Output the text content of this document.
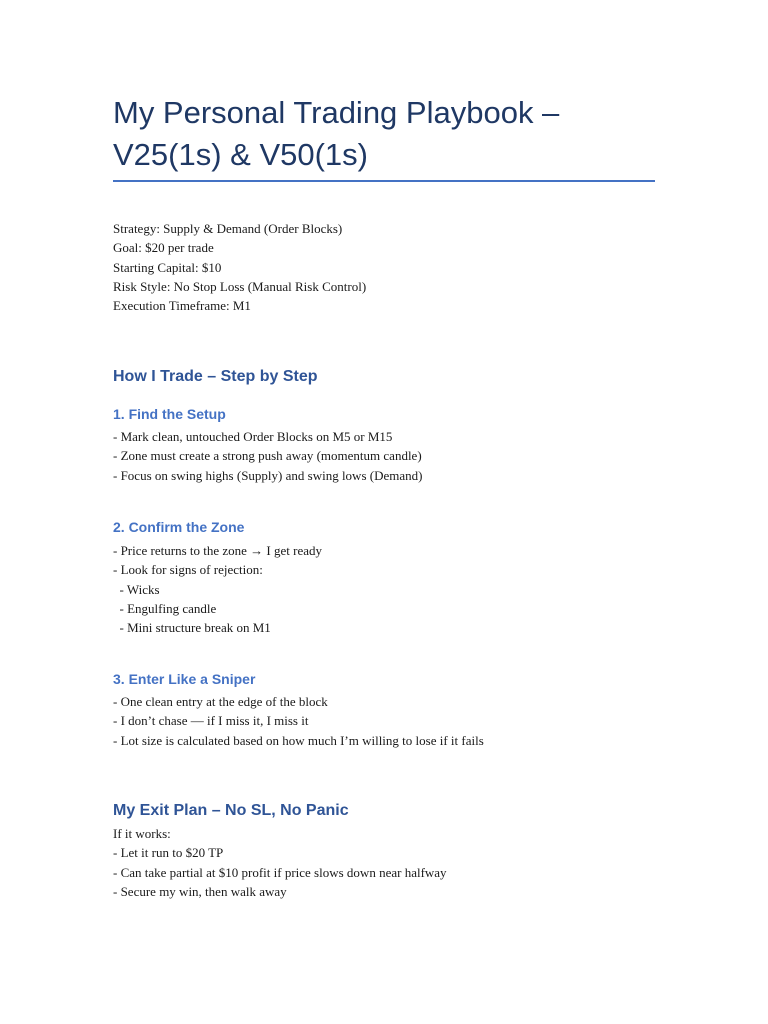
My Personal Trading Playbook – V25(1s) & V50(1s)

Strategy: Supply & Demand (Order Blocks)

Goal: $20 per trade

Starting Capital: $10

Risk Style: No Stop Loss (Manual Risk Control)

Execution Timeframe: M1

How I Trade – Step by Step
1. Find the Setup

- Mark clean, untouched Order Blocks on M5 or M15

- Zone must create a strong push away (momentum candle)

- Focus on swing highs (Supply) and swing lows (Demand)

2. Confirm the Zone

- Price returns to the zone → I get ready

- Look for signs of rejection:

- Wicks

- Engulfing candle

- Mini structure break on M1

3. Enter Like a Sniper

- One clean entry at the edge of the block

- I don’t chase — if I miss it, I miss it

- Lot size is calculated based on how much I’m willing to lose if it fails

My Exit Plan – No SL, No Panic

If it works:

- Let it run to $20 TP

- Can take partial at $10 profit if price slows down near halfway

- Secure my win, then walk away
